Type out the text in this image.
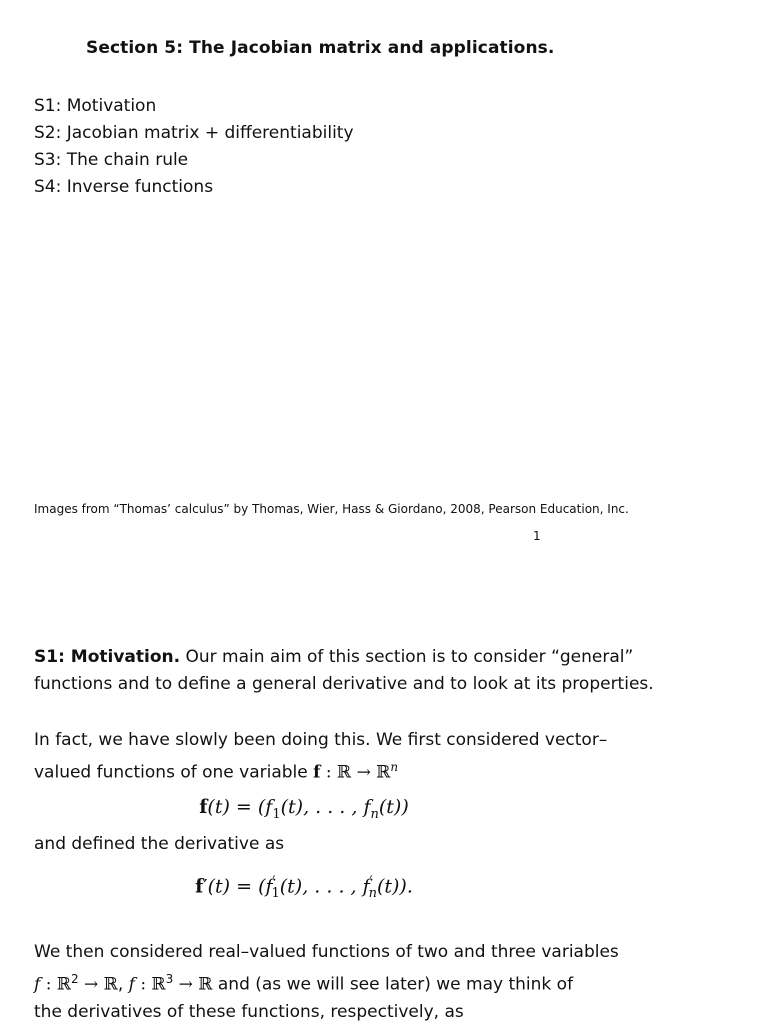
Section 5: The Jacobian matrix and applications.
S1: Motivation
S2: Jacobian matrix + differentiability
S3: The chain rule
S4: Inverse functions
Images from “Thomas’ calculus” by Thomas, Wier, Hass & Giordano, 2008, Pearson Education, Inc.
1
S1: Motivation. Our main aim of this section is to consider “general”
functions and to define a general derivative and to look at its properties.
In fact, we have slowly been doing this. We first considered vector–
valued functions of one variable f : ℝ → ℝ$^n$
$f(t) = (f_1(t)$, . . . , $f_n(t)$)
and defined the derivative as
$f'(t) = (f'_1(t)$, . . . , $f'_n(t)$).
We then considered real–valued functions of two and three variables
f : ℝ$^2$ → ℝ, f : ℝ$^3$ → ℝ and (as we will see later) we may think of
the derivatives of these functions, respectively, as
